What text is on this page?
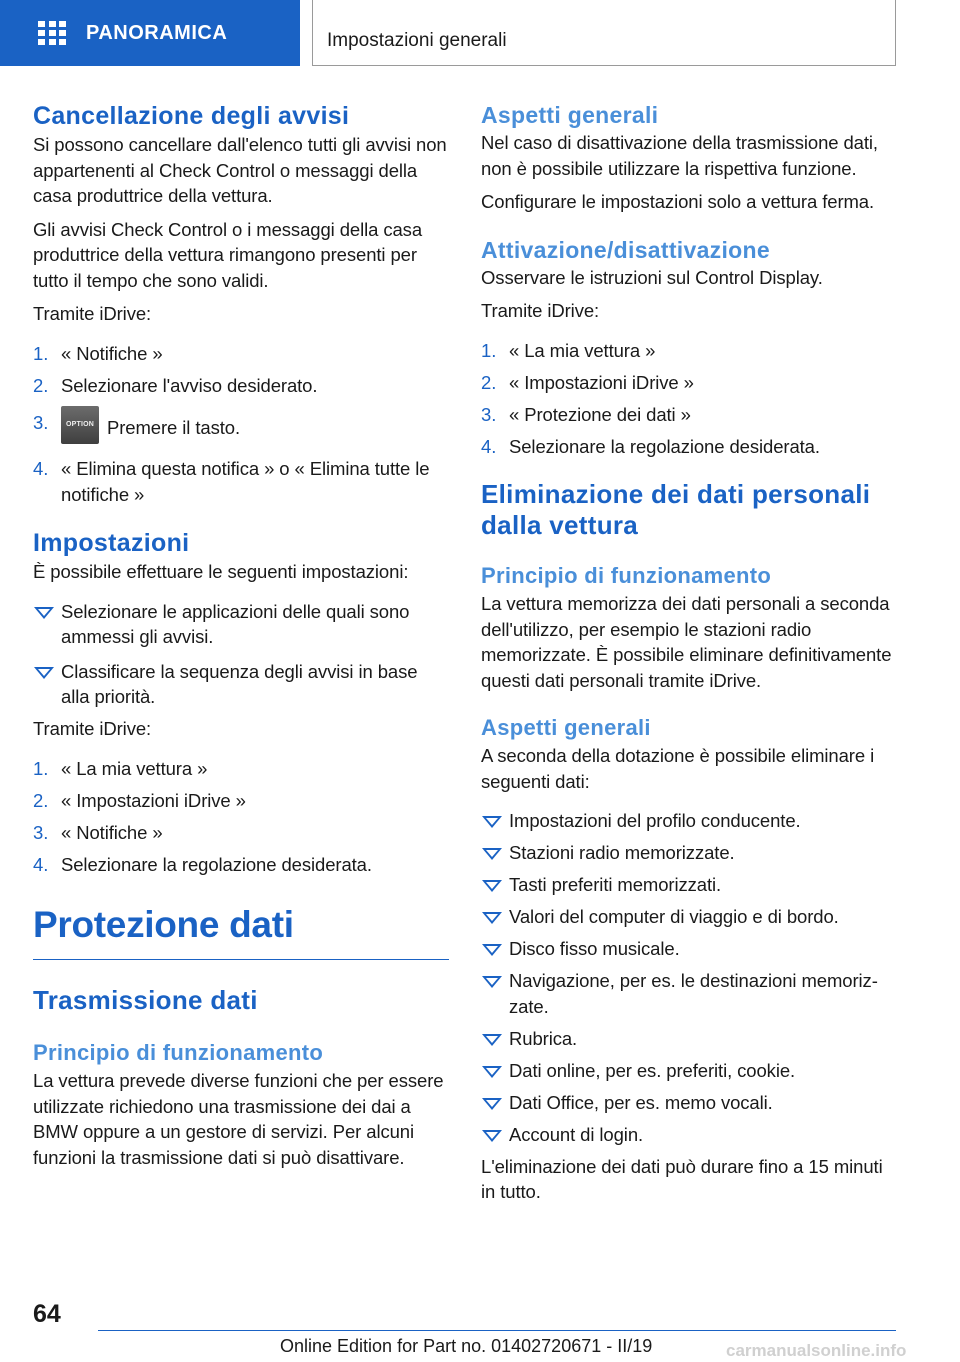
PANORAMICA	Impostazioni generali
Cancellazione degli avvisi

Si possono cancellare dall'elenco tutti gli avvisi non appartenenti al Check Control o messaggi della casa produttrice della vettura.

Gli avvisi Check Control o i messaggi della casa produttrice della vettura rimangono presenti per tutto il tempo che sono validi.

Tramite iDrive:

1. « Notifiche »
2. Selezionare l'avviso desiderato.
3.	OPTION Premere il tasto.
4. « Elimina questa notifica » o « Elimina tutte le notifiche »
Impostazioni

È possibile effettuare le seguenti impostazioni:

Selezionare le applicazioni delle quali sono ammessi gli avvisi.
Classificare la sequenza degli avvisi in base alla priorità.

Tramite iDrive:

1. « La mia vettura »
2. « Impostazioni iDrive »
3. « Notifiche »
4. Selezionare la regolazione desiderata.
Protezione dati
Trasmissione dati
Principio di funzionamento

La vettura prevede diverse funzioni che per essere utilizzate richiedono una trasmissione dei dai a BMW oppure a un gestore di servizi. Per alcuni funzioni la trasmissione dati si può disattivare.

Aspetti generali

Nel caso di disattivazione della trasmissione dati, non è possibile utilizzare la rispettiva funzione.

Configurare le impostazioni solo a vettura ferma.

Attivazione/disattivazione

Osservare le istruzioni sul Control Display.

Tramite iDrive:

1. « La mia vettura »
2. « Impostazioni iDrive »
3. « Protezione dei dati »
4. Selezionare la regolazione desiderata.
Eliminazione dei dati personali dalla vettura
Principio di funzionamento

La vettura memorizza dei dati personali a seconda dell'utilizzo, per esempio le stazioni radio memorizzate. È possibile eliminare definitivamente questi dati personali tramite iDrive.

Aspetti generali

A seconda della dotazione è possibile eliminare i seguenti dati:

Impostazioni del profilo conducente.
Stazioni radio memorizzate.
Tasti preferiti memorizzati.
Valori del computer di viaggio e di bordo.
Disco fisso musicale.
Navigazione, per es. le destinazioni memorizzate.
Rubrica.
Dati online, per es. preferiti, cookie.
Dati Office, per es. memo vocali.
Account di login.

L'eliminazione dei dati può durare fino a 15 minuti in tutto.

64
Online Edition for Part no. 01402720671 - II/19	carmanualsonline.info
